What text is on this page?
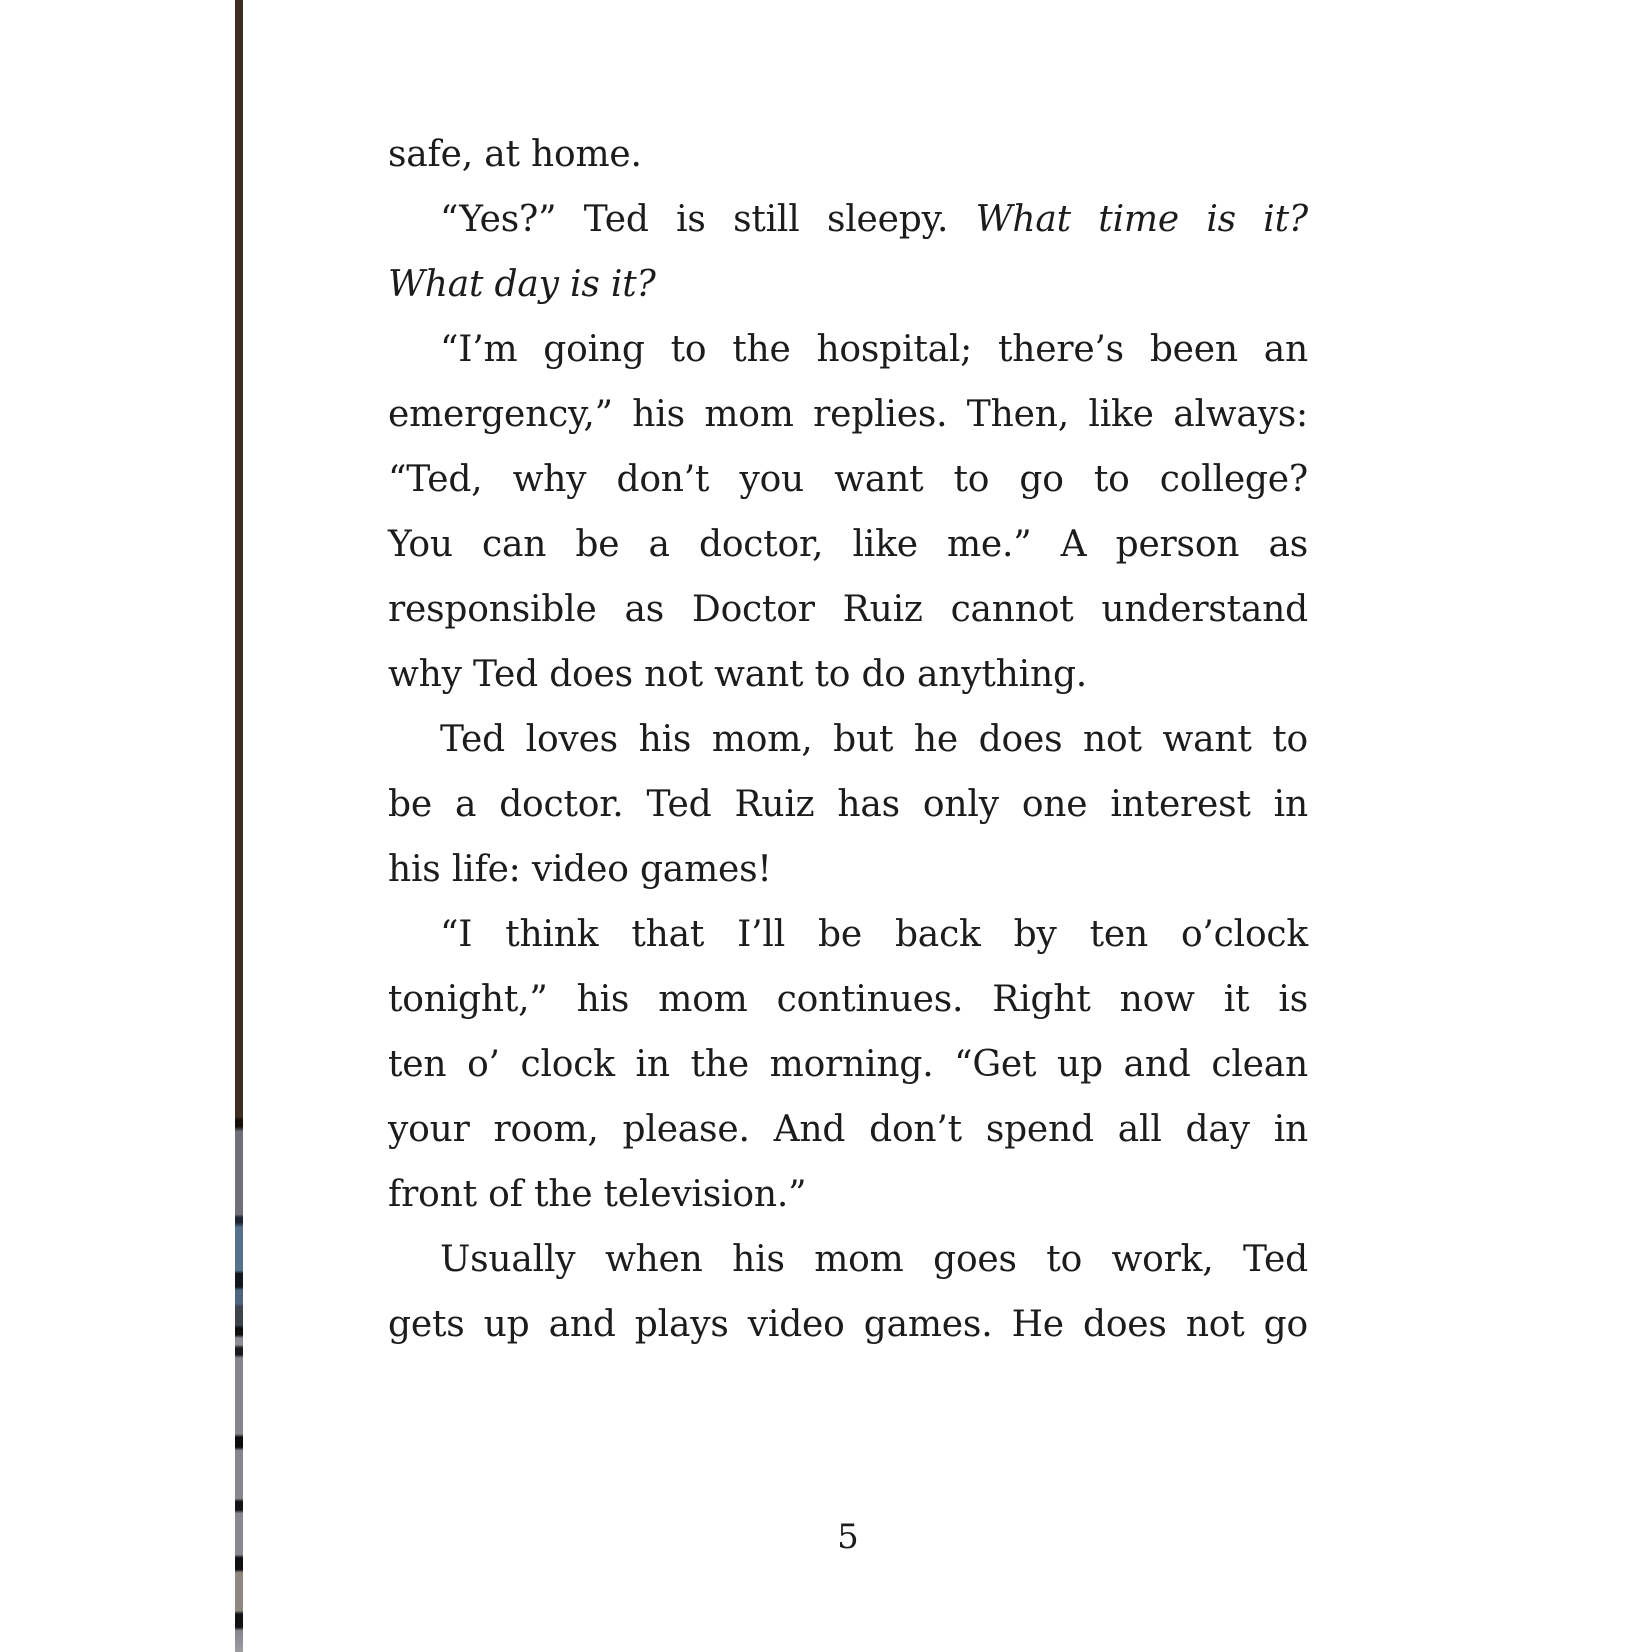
safe, at home.
“Yes?” Ted is still sleepy. What time is it?
What day is it?
“I’m going to the hospital; there’s been an
emergency,” his mom replies. Then, like always:
“Ted, why don’t you want to go to college?
You can be a doctor, like me.” A person as
responsible as Doctor Ruiz cannot understand
why Ted does not want to do anything.
Ted loves his mom, but he does not want to
be a doctor. Ted Ruiz has only one interest in
his life: video games!
“I think that I’ll be back by ten o’clock
tonight,” his mom continues. Right now it is
ten o’ clock in the morning. “Get up and clean
your room, please. And don’t spend all day in
front of the television.”
Usually when his mom goes to work, Ted
gets up and plays video games. He does not go
5
